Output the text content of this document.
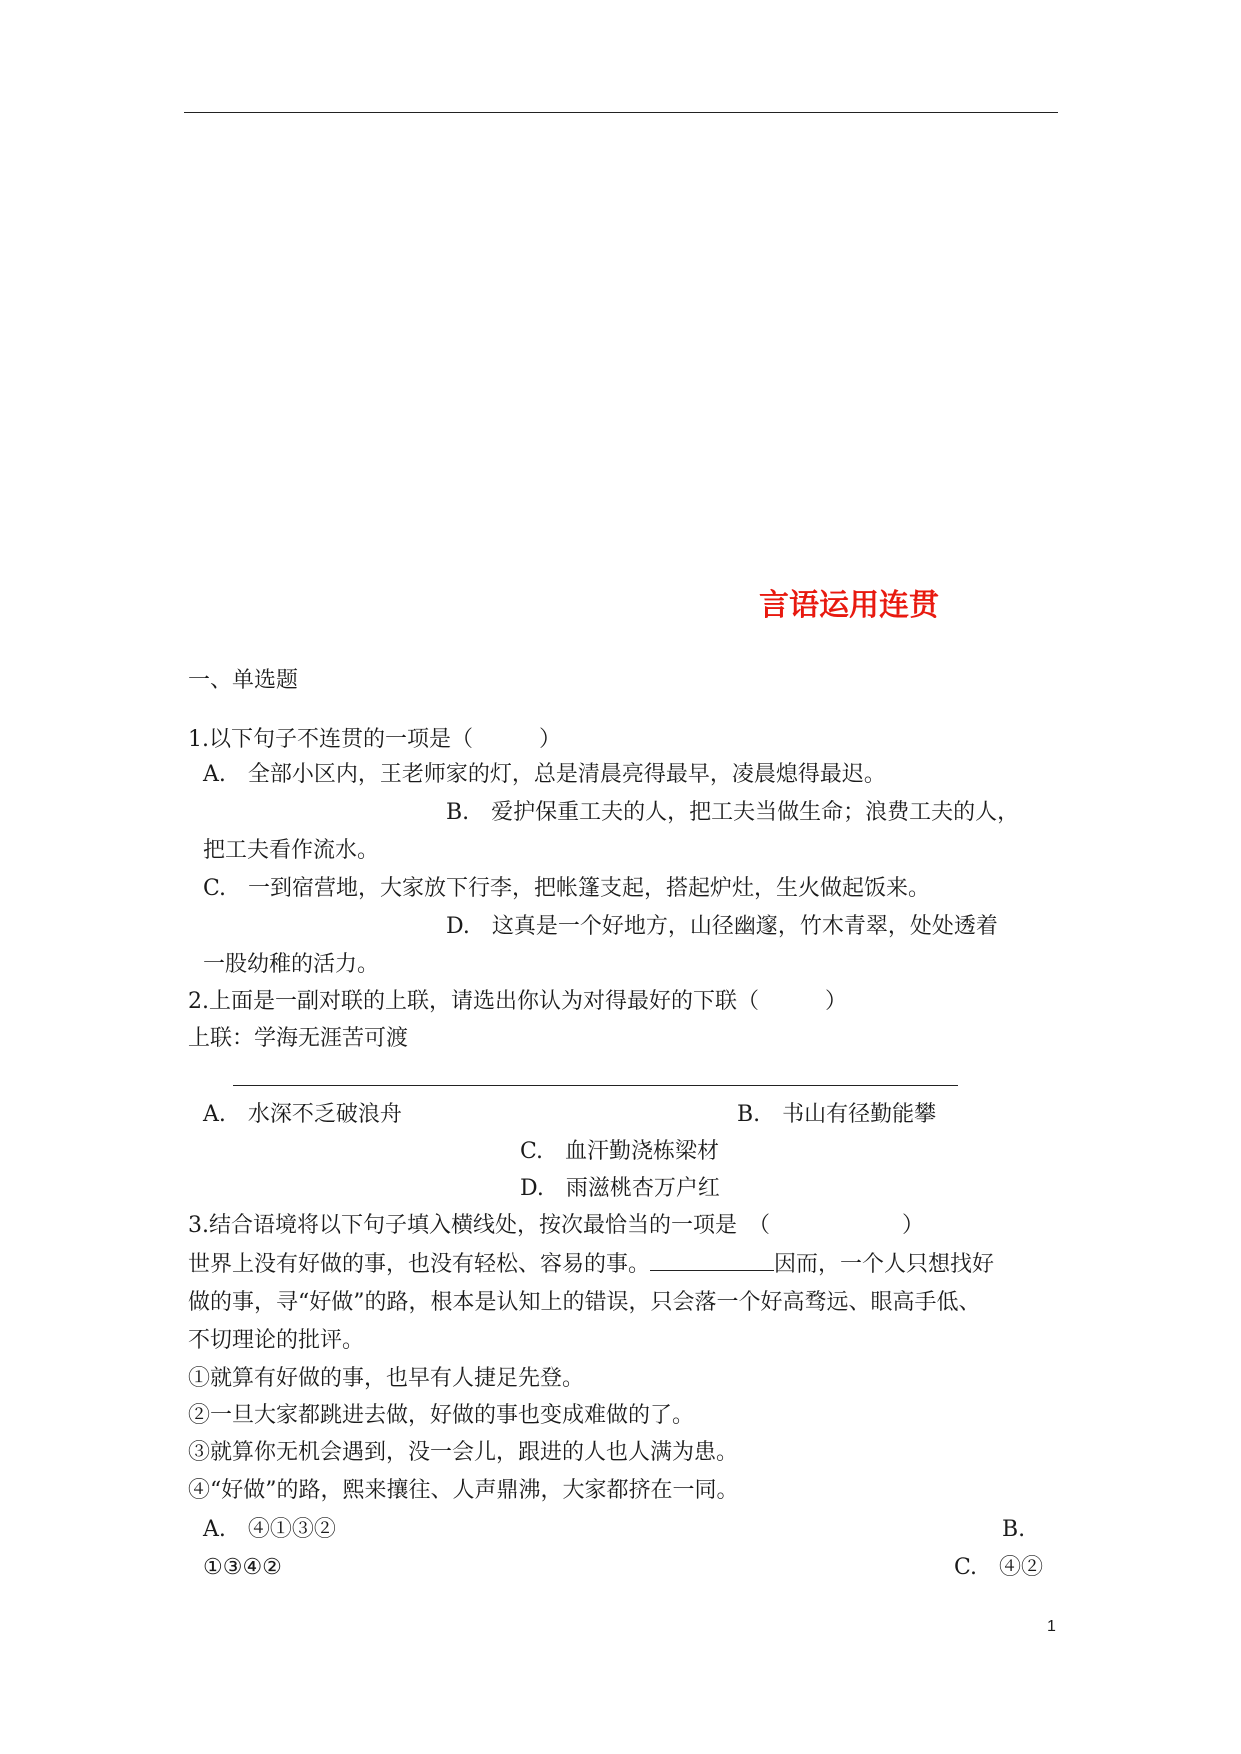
言语运用连贯
一、单选题
1.以下句子不连贯的一项是（　　　）
A.　全部小区内，王老师家的灯，总是清晨亮得最早，凌晨熄得最迟。
B.　爱护保重工夫的人，把工夫当做生命；浪费工夫的人，
把工夫看作流水。
C.　一到宿营地，大家放下行李，把帐篷支起，搭起炉灶，生火做起饭来。
D.　这真是一个好地方，山径幽邃，竹木青翠，处处透着
一股幼稚的活力。
2.上面是一副对联的上联，请选出你认为对得最好的下联（　　　）
上联：学海无涯苦可渡
A.　水深不乏破浪舟	B.　书山有径勤能攀
C.　血汗勤浇栋梁材
D.　雨滋桃杏万户红
3.结合语境将以下句子填入横线处，按次最恰当的一项是　（　　　　　　）
世界上没有好做的事，也没有轻松、容易的事。	因而，一个人只想找好
做的事，寻“好做”的路，根本是认知上的错误，只会落一个好高骛远、眼高手低、
不切理论的批评。
①就算有好做的事，也早有人捷足先登。
②一旦大家都跳进去做，好做的事也变成难做的了。
③就算你无机会遇到，没一会儿，跟进的人也人满为患。
④“好做”的路，熙来攘往、人声鼎沸，大家都挤在一同。
A.　④①③②	B.
①③④②	C.　④②
1
